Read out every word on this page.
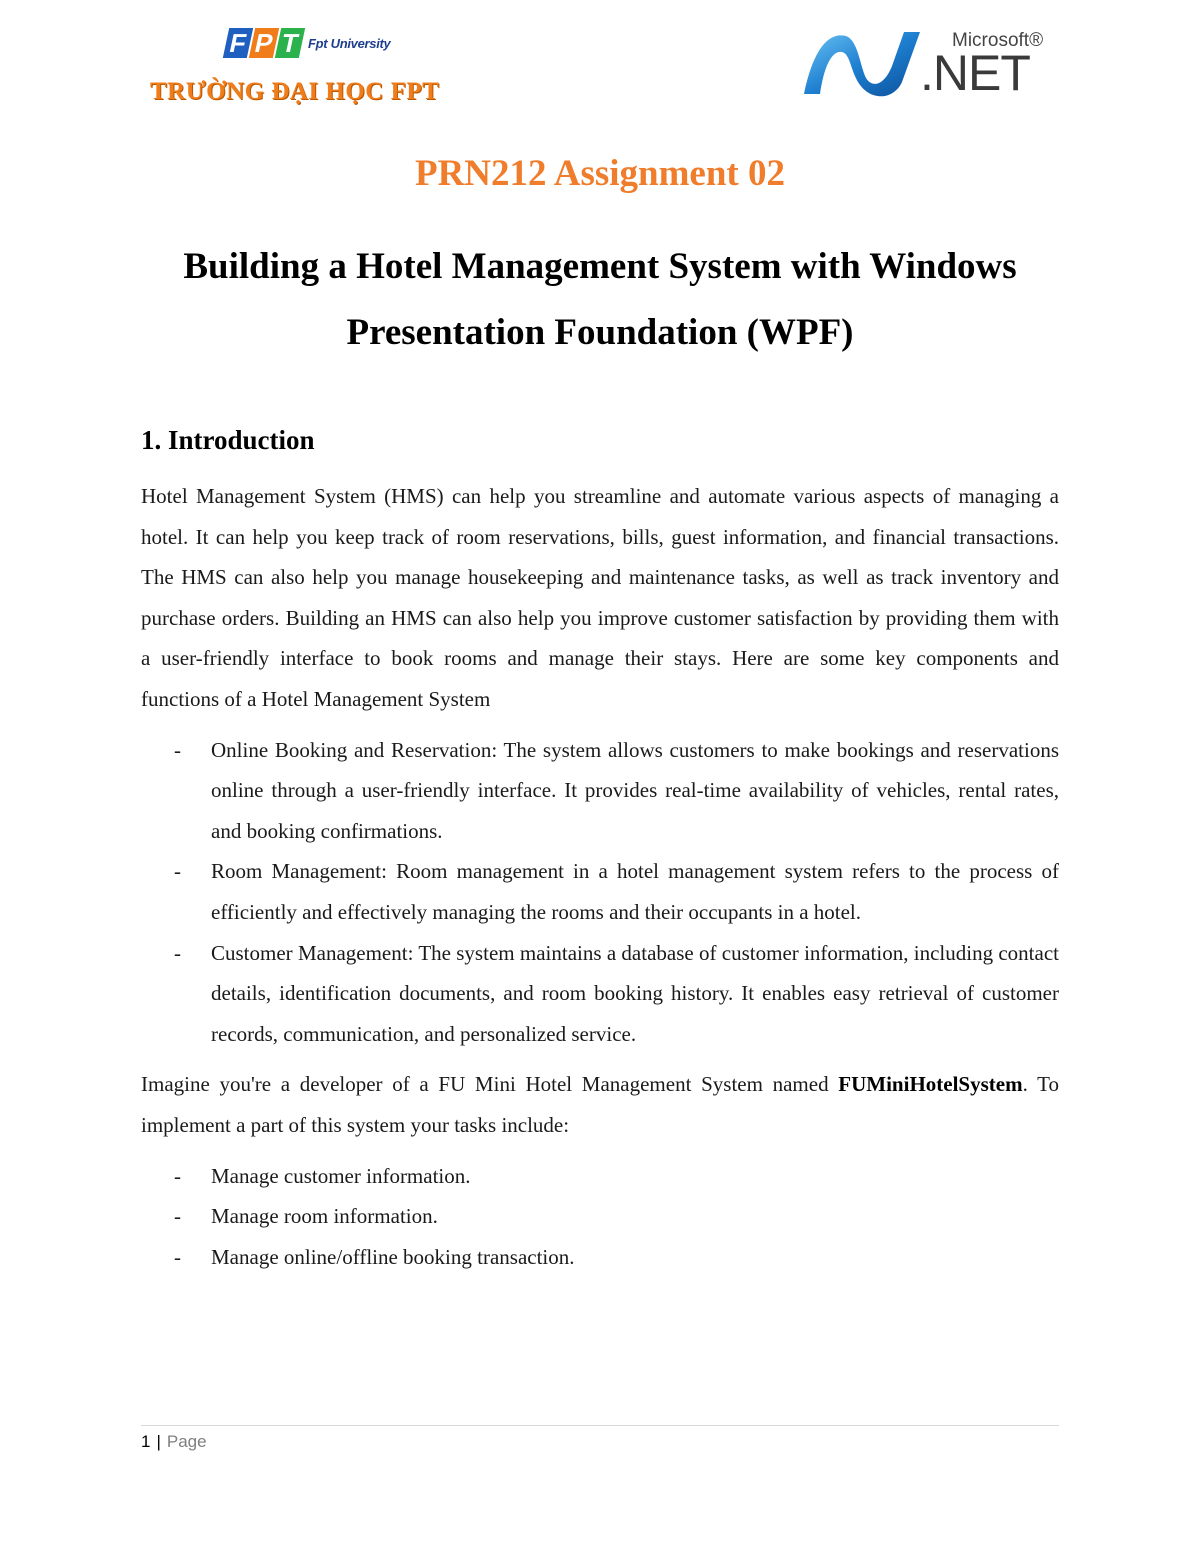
F P T Fpt University
TRƯỜNG ĐẠI HỌC FPT
Microsoft®
.NET
PRN212 Assignment 02
Building a Hotel Management System with Windows Presentation Foundation (WPF)
1. Introduction

Hotel Management System (HMS) can help you streamline and automate various aspects of managing a hotel. It can help you keep track of room reservations, bills, guest information, and financial transactions. The HMS can also help you manage housekeeping and maintenance tasks, as well as track inventory and purchase orders. Building an HMS can also help you improve customer satisfaction by providing them with a user-friendly interface to book rooms and manage their stays. Here are some key components and functions of a Hotel Management System

- Online Booking and Reservation: The system allows customers to make bookings and reservations online through a user-friendly interface. It provides real-time availability of vehicles, rental rates, and booking confirmations.
- Room Management: Room management in a hotel management system refers to the process of efficiently and effectively managing the rooms and their occupants in a hotel.
- Customer Management: The system maintains a database of customer information, including contact details, identification documents, and room booking history. It enables easy retrieval of customer records, communication, and personalized service.

Imagine you're a developer of a FU Mini Hotel Management System named FUMiniHotelSystem. To implement a part of this system your tasks include:

- Manage customer information.
- Manage room information.
- Manage online/offline booking transaction.
1 | Page
